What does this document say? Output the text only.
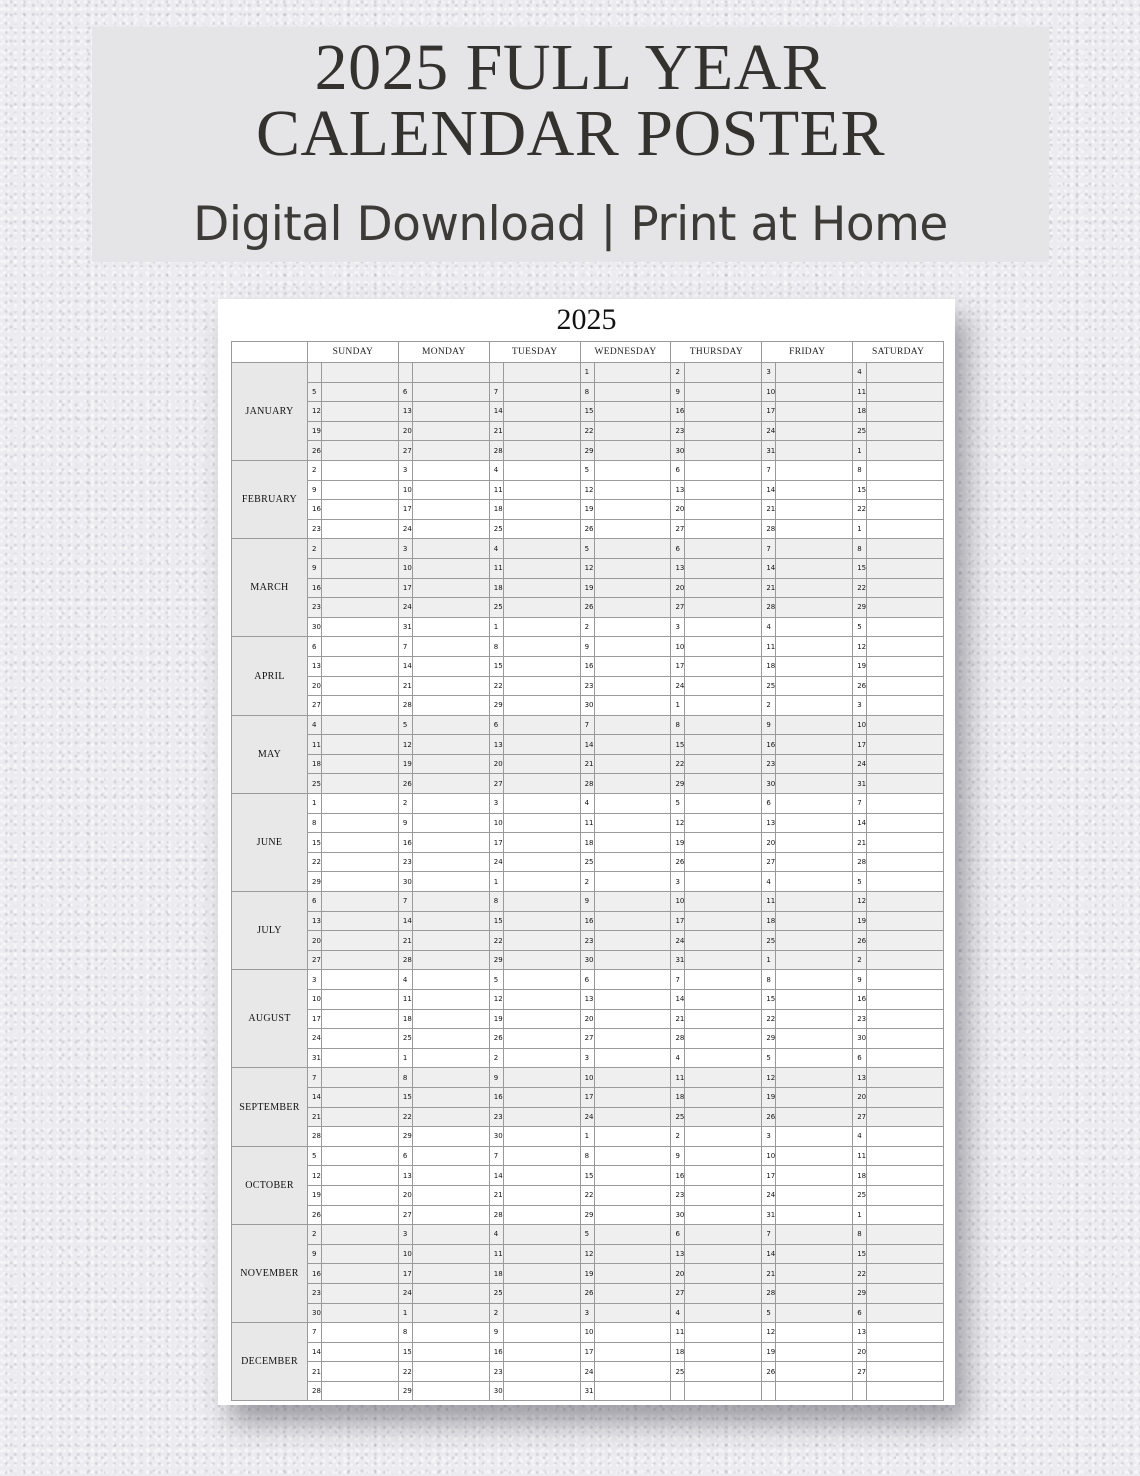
2025 FULL YEAR
CALENDAR POSTER
Digital Download | Print at Home
2025
	SUNDAY		MONDAY		TUESDAY		WEDNESDAY		THURSDAY		FRIDAY		SATURDAY	
JANUARY							1		2		3		4	
	5		6		7		8		9		10		11	
	12		13		14		15		16		17		18	
	19		20		21		22		23		24		25	
	26		27		28		29		30		31		1	
FEBRUARY	2		3		4		5		6		7		8	
	9		10		11		12		13		14		15	
	16		17		18		19		20		21		22	
	23		24		25		26		27		28		1	
MARCH	2		3		4		5		6		7		8	
	9		10		11		12		13		14		15	
	16		17		18		19		20		21		22	
	23		24		25		26		27		28		29	
	30		31		1		2		3		4		5	
APRIL	6		7		8		9		10		11		12	
	13		14		15		16		17		18		19	
	20		21		22		23		24		25		26	
	27		28		29		30		1		2		3	
MAY	4		5		6		7		8		9		10	
	11		12		13		14		15		16		17	
	18		19		20		21		22		23		24	
	25		26		27		28		29		30		31	
JUNE	1		2		3		4		5		6		7	
	8		9		10		11		12		13		14	
	15		16		17		18		19		20		21	
	22		23		24		25		26		27		28	
	29		30		1		2		3		4		5	
JULY	6		7		8		9		10		11		12	
	13		14		15		16		17		18		19	
	20		21		22		23		24		25		26	
	27		28		29		30		31		1		2	
AUGUST	3		4		5		6		7		8		9	
	10		11		12		13		14		15		16	
	17		18		19		20		21		22		23	
	24		25		26		27		28		29		30	
	31		1		2		3		4		5		6	
SEPTEMBER	7		8		9		10		11		12		13	
	14		15		16		17		18		19		20	
	21		22		23		24		25		26		27	
	28		29		30		1		2		3		4	
OCTOBER	5		6		7		8		9		10		11	
	12		13		14		15		16		17		18	
	19		20		21		22		23		24		25	
	26		27		28		29		30		31		1	
NOVEMBER	2		3		4		5		6		7		8	
	9		10		11		12		13		14		15	
	16		17		18		19		20		21		22	
	23		24		25		26		27		28		29	
	30		1		2		3		4		5		6	
DECEMBER	7		8		9		10		11		12		13	
	14		15		16		17		18		19		20	
	21		22		23		24		25		26		27	
	28		29		30		31							
